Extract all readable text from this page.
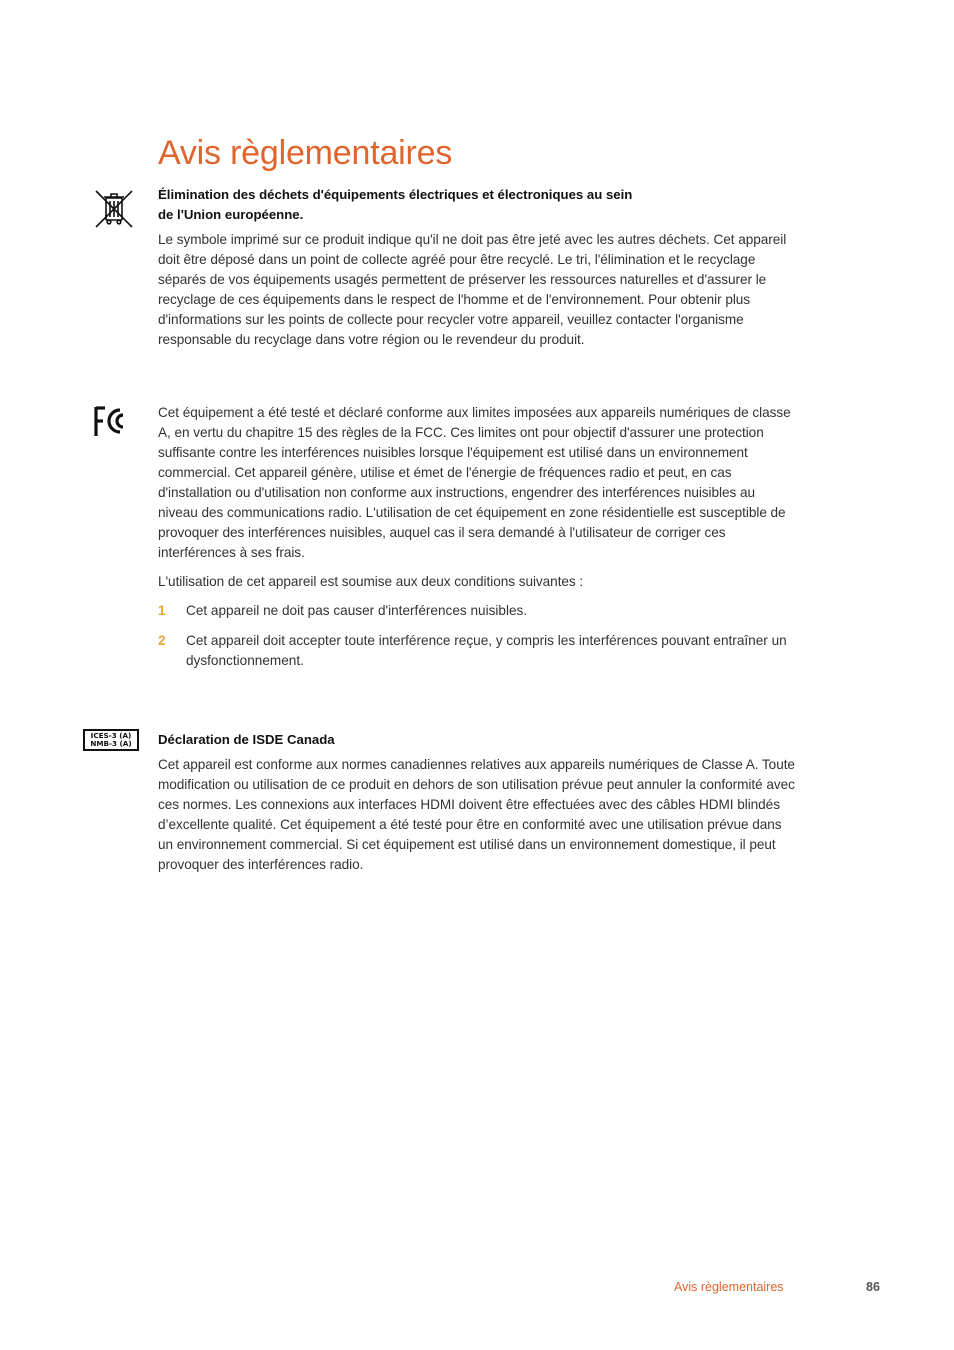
Avis règlementaires
Élimination des déchets d'équipements électriques et électroniques au sein
de l'Union européenne.

Le symbole imprimé sur ce produit indique qu'il ne doit pas être jeté avec les autres déchets. Cet appareil doit être déposé dans un point de collecte agréé pour être recyclé. Le tri, l'élimination et le recyclage séparés de vos équipements usagés permettent de préserver les ressources naturelles et d'assurer le recyclage de ces équipements dans le respect de l'homme et de l'environnement. Pour obtenir plus d'informations sur les points de collecte pour recycler votre appareil, veuillez contacter l'organisme responsable du recyclage dans votre région ou le revendeur du produit.

Cet équipement a été testé et déclaré conforme aux limites imposées aux appareils numériques de classe A, en vertu du chapitre 15 des règles de la FCC. Ces limites ont pour objectif d'assurer une protection suffisante contre les interférences nuisibles lorsque l'équipement est utilisé dans un environnement commercial. Cet appareil génère, utilise et émet de l'énergie de fréquences radio et peut, en cas d'installation ou d'utilisation non conforme aux instructions, engendrer des interférences nuisibles au niveau des communications radio. L'utilisation de cet équipement en zone résidentielle est susceptible de provoquer des interférences nuisibles, auquel cas il sera demandé à l'utilisateur de corriger ces interférences à ses frais.

L'utilisation de cet appareil est soumise aux deux conditions suivantes :

1	Cet appareil ne doit pas causer d'interférences nuisibles.
2	Cet appareil doit accepter toute interférence reçue, y compris les interférences pouvant entraîner un dysfonctionnement.
ICES-3 (A)
NMB-3 (A)	Déclaration de ISDE Canada

Cet appareil est conforme aux normes canadiennes relatives aux appareils numériques de Classe A. Toute modification ou utilisation de ce produit en dehors de son utilisation prévue peut annuler la conformité avec ces normes. Les connexions aux interfaces HDMI doivent être effectuées avec des câbles HDMI blindés d’excellente qualité. Cet équipement a été testé pour être en conformité avec une utilisation prévue dans un environnement commercial. Si cet équipement est utilisé dans un environnement domestique, il peut provoquer des interférences radio.

Avis règlementaires	86
